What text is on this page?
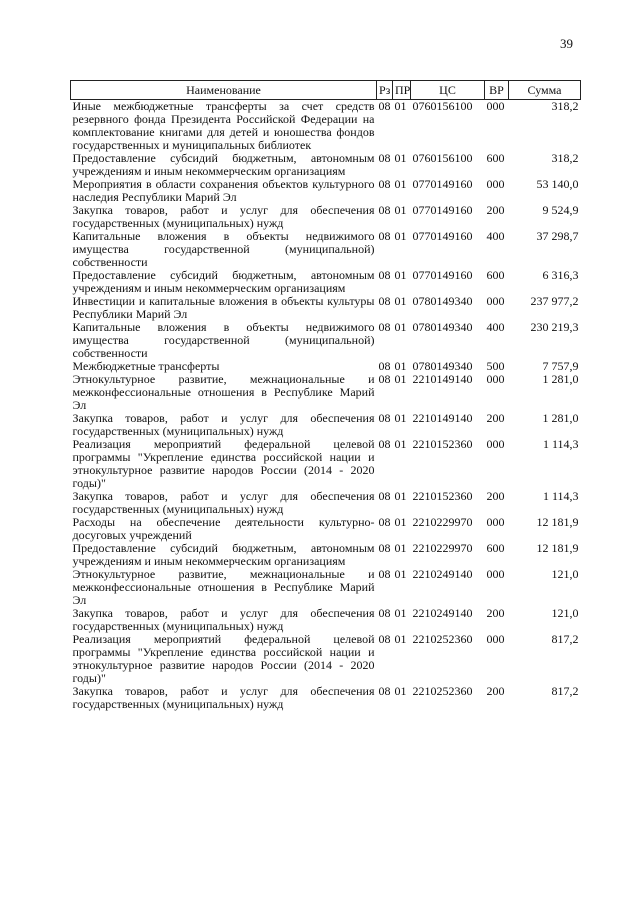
39
Наименование	Рз	ПР	ЦС	ВР	Сумма
Иные межбюджетные трансферты за счет средств резервного фонда Президента Российской Федерации на комплектование книгами для детей и юношества фондов государственных и муниципальных библиотек	08	01	0760156100	000	318,2
Предоставление субсидий бюджетным, автономным учреждениям и иным некоммерческим организациям	08	01	0760156100	600	318,2
Мероприятия в области сохранения объектов культурного наследия Республики Марий Эл	08	01	0770149160	000	53 140,0
Закупка товаров, работ и услуг для обеспечения государственных (муниципальных) нужд	08	01	0770149160	200	9 524,9
Капитальные вложения в объекты недвижимого имущества государственной (муниципальной) собственности	08	01	0770149160	400	37 298,7
Предоставление субсидий бюджетным, автономным учреждениям и иным некоммерческим организациям	08	01	0770149160	600	6 316,3
Инвестиции и капитальные вложения в объекты культуры Республики Марий Эл	08	01	0780149340	000	237 977,2
Капитальные вложения в объекты недвижимого имущества государственной (муниципальной) собственности	08	01	0780149340	400	230 219,3
Межбюджетные трансферты	08	01	0780149340	500	7 757,9
Этнокультурное развитие, межнациональные и межконфессиональные отношения в Республике Марий Эл	08	01	2210149140	000	1 281,0
Закупка товаров, работ и услуг для обеспечения государственных (муниципальных) нужд	08	01	2210149140	200	1 281,0
Реализация мероприятий федеральной целевой программы "Укрепление единства российской нации и этнокультурное развитие народов России (2014 - 2020 годы)"	08	01	2210152360	000	1 114,3
Закупка товаров, работ и услуг для обеспечения государственных (муниципальных) нужд	08	01	2210152360	200	1 114,3
Расходы на обеспечение деятельности культурно-досуговых учреждений	08	01	2210229970	000	12 181,9
Предоставление субсидий бюджетным, автономным учреждениям и иным некоммерческим организациям	08	01	2210229970	600	12 181,9
Этнокультурное развитие, межнациональные и межконфессиональные отношения в Республике Марий Эл	08	01	2210249140	000	121,0
Закупка товаров, работ и услуг для обеспечения государственных (муниципальных) нужд	08	01	2210249140	200	121,0
Реализация мероприятий федеральной целевой программы "Укрепление единства российской нации и этнокультурное развитие народов России (2014 - 2020 годы)"	08	01	2210252360	000	817,2
Закупка товаров, работ и услуг для обеспечения государственных (муниципальных) нужд	08	01	2210252360	200	817,2
